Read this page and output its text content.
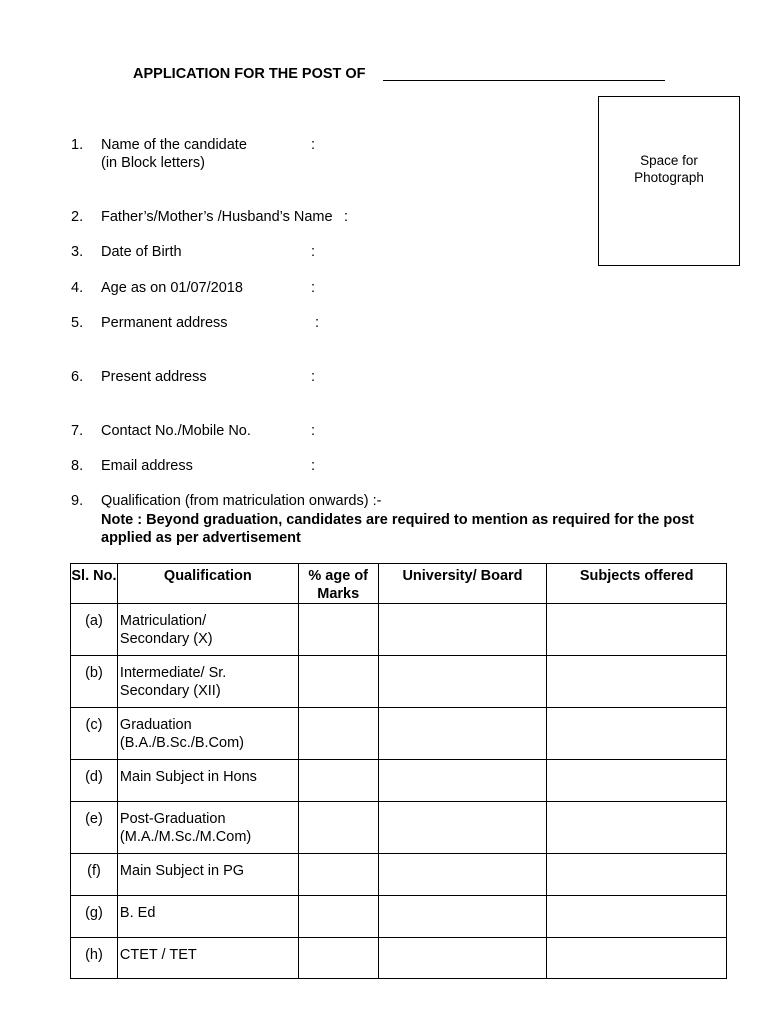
APPLICATION FOR THE POST OF
Space for
Photograph
1.	Name of the candidate
(in Block letters)
:
2.	Father’s/Mother’s /Husband’s Name :
3.	Date of Birth	:
4.	Age as on 01/07/2018	:
5.	Permanent address	:
6.	Present address	:
7.	Contact No./Mobile No.	:
8.	Email address	:
9.	Qualification (from matriculation onwards) :-
Note : Beyond graduation, candidates are required to mention as required for the post applied as per advertisement
Sl. No.	Qualification	% age of Marks	University/ Board	Subjects offered
(a)	Matriculation/
Secondary (X)			

(b)	Intermediate/ Sr.
Secondary (XII)			

(c)	Graduation
(B.A./B.Sc./B.Com)			

(d)	Main Subject in Hons			

(e)	Post-Graduation
(M.A./M.Sc./M.Com)			

(f)	Main Subject in PG			

(g)	B. Ed			

(h)	CTET / TET			
